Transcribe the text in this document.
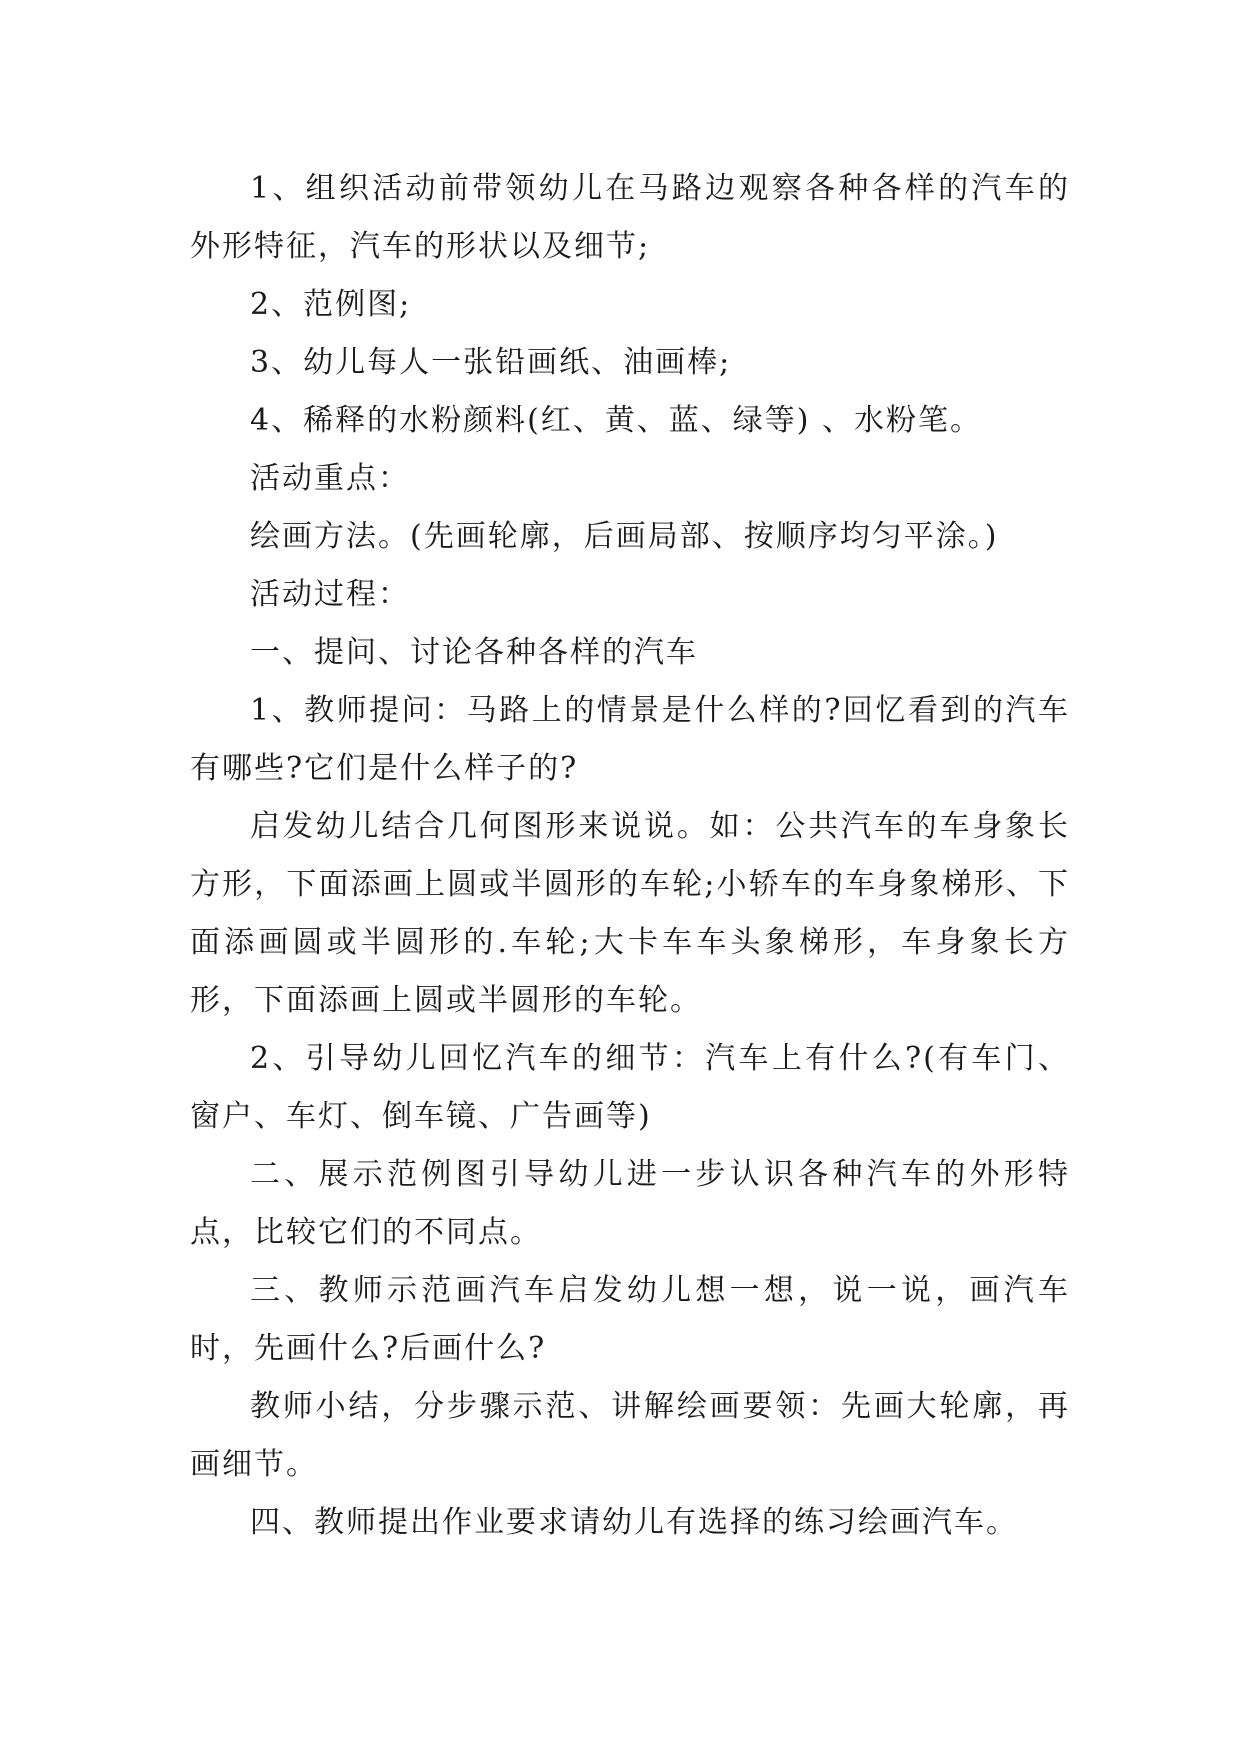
1、组织活动前带领幼儿在马路边观察各种各样的汽车的外形特征，汽车的形状以及细节;

2、范例图;

3、幼儿每人一张铅画纸、油画棒;

4、稀释的水粉颜料(红、黄、蓝、绿等) 、水粉笔。

活动重点：

绘画方法。(先画轮廓，后画局部、按顺序均匀平涂。)

活动过程：

一、提问、讨论各种各样的汽车

1、教师提问：马路上的情景是什么样的?回忆看到的汽车有哪些?它们是什么样子的?

启发幼儿结合几何图形来说说。如：公共汽车的车身象长方形，下面添画上圆或半圆形的车轮;小轿车的车身象梯形、下面添画圆或半圆形的.车轮;大卡车车头象梯形，车身象长方形，下面添画上圆或半圆形的车轮。

2、引导幼儿回忆汽车的细节：汽车上有什么?(有车门、窗户、车灯、倒车镜、广告画等)

二、展示范例图引导幼儿进一步认识各种汽车的外形特点，比较它们的不同点。

三、教师示范画汽车启发幼儿想一想，说一说，画汽车时，先画什么?后画什么?

教师小结，分步骤示范、讲解绘画要领：先画大轮廓，再画细节。

四、教师提出作业要求请幼儿有选择的练习绘画汽车。
